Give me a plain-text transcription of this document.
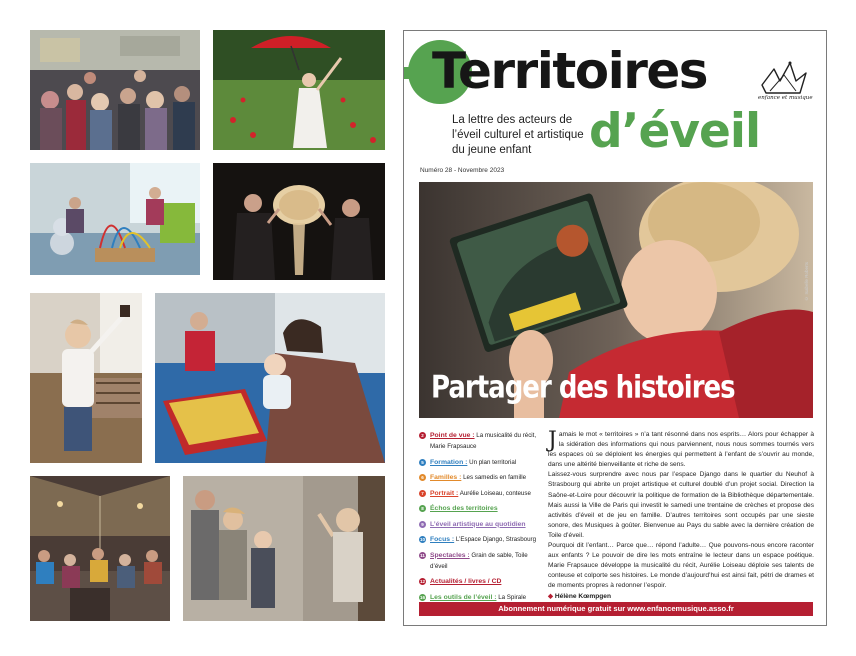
Territoires
La lettre des acteurs de l’éveil culturel et artistique du jeune enfant	d’éveil
Numéro 28 - Novembre 2023
enfance et musique
© Isabelle Roberts
Partager des histoires
2 Point de vue : La musicalité du récit, Marie Frapsauce
5 Formation : Un plan territorial
6 Familles : Les samedis en famille
7 Portrait : Aurélie Loiseau, conteuse
8 Échos des territoires
9 L’éveil artistique au quotidien
10 Focus : L’Espace Django, Strasbourg
11 Spectacles : Grain de sable, Toile d’éveil
12 Actualités / livres / CD
16 Les outils de l’éveil : La Spirale

Jamais le mot « territoires » n’a tant résonné dans nos esprits… Alors pour échapper à la sidération des informations qui nous parviennent, nous nous sommes tournés vers les espaces où se déploient les énergies qui permettent à l’enfant de s’ouvrir au monde, dans une altérité bienveillante et riche de sens.

Laissez-vous surprendre avec nous par l’espace Django dans le quartier du Neuhof à Strasbourg qui abrite un projet artistique et culturel doublé d’un projet social. Direction la Saône-et-Loire pour découvrir la politique de formation de la Bibliothèque départementale. Mais aussi la Ville de Paris qui investit le samedi une trentaine de crèches et propose des activités d’éveil et de jeu en famille. D’autres territoires sont occupés par une sieste sonore, des Musiques à goûter. Bienvenue au Pays du sable avec la dernière création de Toile d’éveil.

Pourquoi dit l’enfant… Parce que… répond l’adulte… Que pouvons-nous encore raconter aux enfants ? Le pouvoir de dire les mots entraîne le lecteur dans un espace poétique. Marie Frapsauce développe la musicalité du récit, Aurélie Loiseau déploie ses talents de conteuse et colporte ses histoires. Le monde d’aujourd’hui est ainsi fait, pétri de drames et de moments propres à redonner l’espoir.

◆ Hélène Kœmpgen

Abonnement numérique gratuit sur www.enfancemusique.asso.fr
